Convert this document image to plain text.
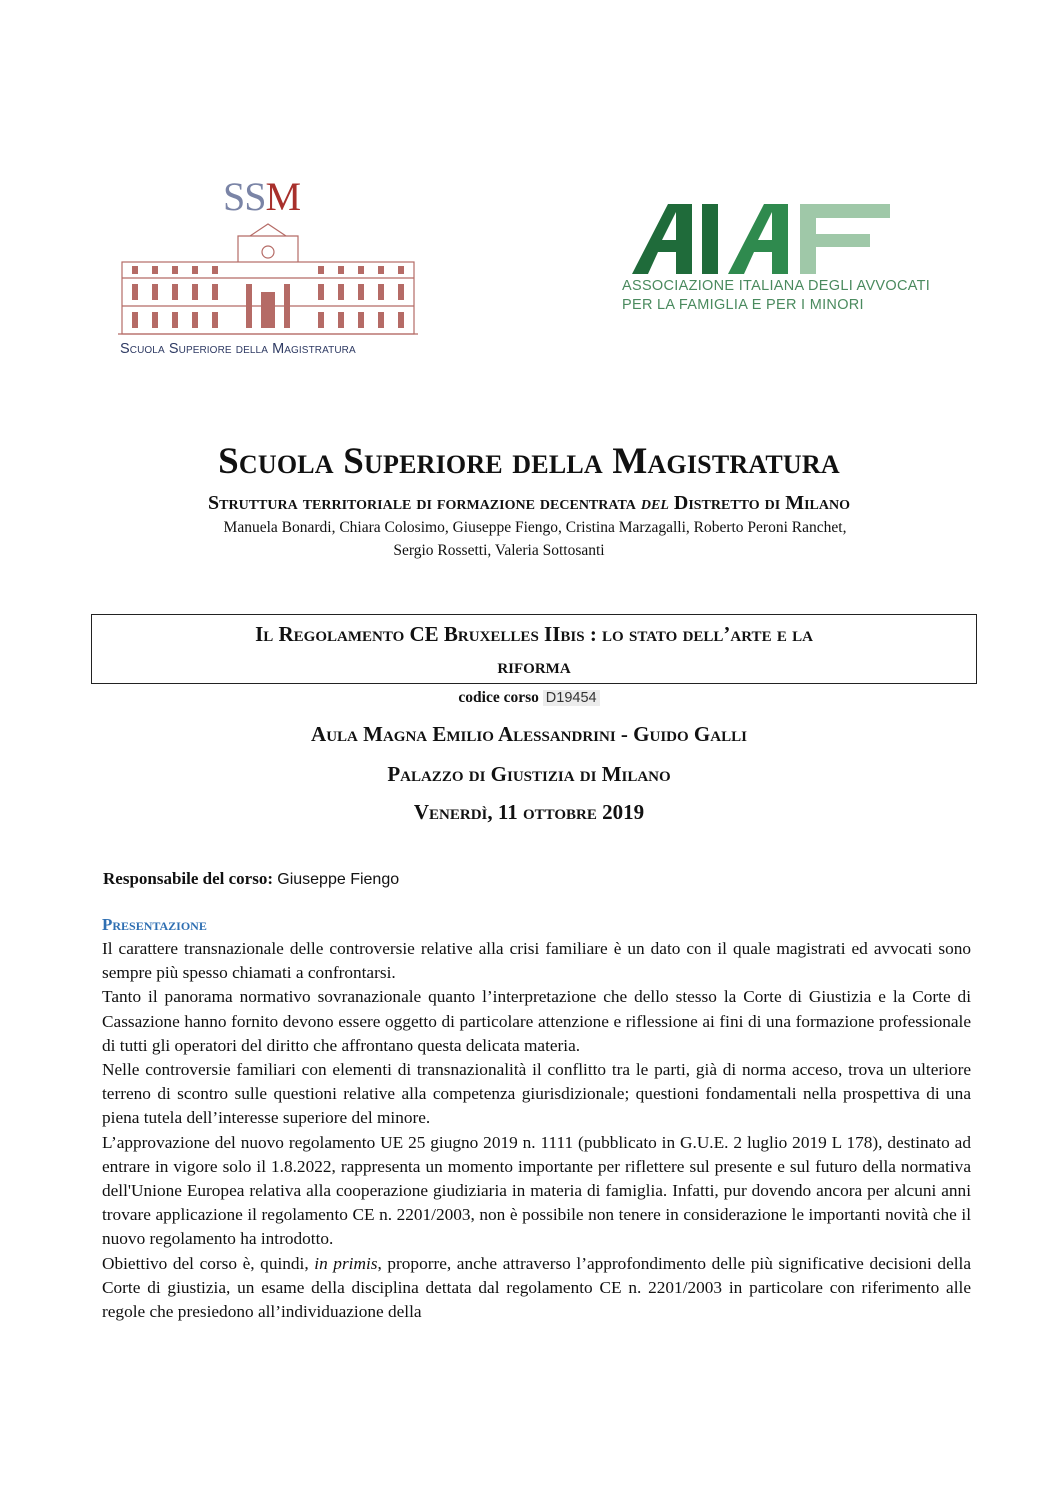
SSM
Scuola Superiore della Magistratura
AIAF
ASSOCIAZIONE ITALIANA DEGLI AVVOCATI
PER LA FAMIGLIA E PER I MINORI
Scuola Superiore della Magistratura
Struttura territoriale di formazione decentrata del Distretto di Milano
Manuela Bonardi, Chiara Colosimo, Giuseppe Fiengo, Cristina Marzagalli, Roberto Peroni Ranchet,
Sergio Rossetti, Valeria Sottosanti
Il Regolamento CE Bruxelles IIbis : lo stato dell’arte e la
riforma
codice corso D19454
Aula Magna Emilio Alessandrini - Guido Galli
Palazzo di Giustizia di Milano
Venerdì, 11 ottobre 2019
Responsabile del corso: Giuseppe Fiengo
Presentazione

Il carattere transnazionale delle controversie relative alla crisi familiare è un dato con il quale magistrati ed avvocati sono sempre più spesso chiamati a confrontarsi.

Tanto il panorama normativo sovranazionale quanto l’interpretazione che dello stesso la Corte di Giustizia e la Corte di Cassazione hanno fornito devono essere oggetto di particolare attenzione e riflessione ai fini di una formazione professionale di tutti gli operatori del diritto che affrontano questa delicata materia.

Nelle controversie familiari con elementi di transnazionalità il conflitto tra le parti, già di norma acceso, trova un ulteriore terreno di scontro sulle questioni relative alla competenza giurisdizionale; questioni fondamentali nella prospettiva di una piena tutela dell’interesse superiore del minore.

L’approvazione del nuovo regolamento UE 25 giugno 2019 n. 1111 (pubblicato in G.U.E. 2 luglio 2019 L 178), destinato ad entrare in vigore solo il 1.8.2022, rappresenta un momento importante per riflettere sul presente e sul futuro della normativa dell'Unione Europea relativa alla cooperazione giudiziaria in materia di famiglia. Infatti, pur dovendo ancora per alcuni anni trovare applicazione il regolamento CE n. 2201/2003, non è possibile non tenere in considerazione le importanti novità che il nuovo regolamento ha introdotto.

Obiettivo del corso è, quindi, in primis, proporre, anche attraverso l’approfondimento delle più significative decisioni della Corte di giustizia, un esame della disciplina dettata dal regolamento CE n. 2201/2003 in particolare con riferimento alle regole che presiedono all’individuazione della
